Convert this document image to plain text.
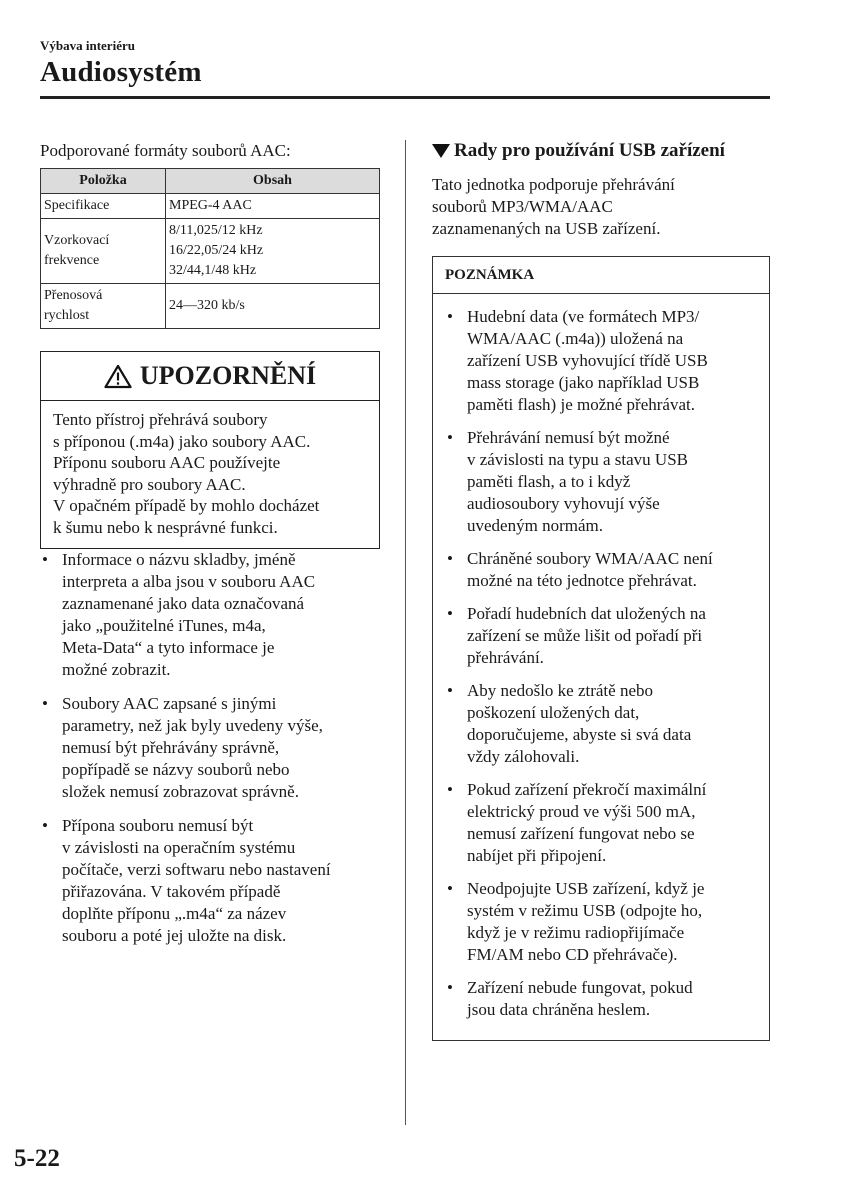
Výbava interiéru
Audiosystém

Podporované formáty souborů AAC:

Položka	Obsah
Specifikace	MPEG-4 AAC
Vzorkovací
frekvence	8/11,025/12 kHz
16/22,05/24 kHz
32/44,1/48 kHz
Přenosová
rychlost	24—320 kb/s
UPOZORNĚNÍ
Tento přístroj přehrává soubory
s příponou (.m4a) jako soubory AAC.
Příponu souboru AAC používejte
výhradně pro soubory AAC.
V opačném případě by mohlo docházet
k šumu nebo k nesprávné funkci.
• Informace o názvu skladby, jméně
interpreta a alba jsou v souboru AAC
zaznamenané jako data označovaná
jako „použitelné iTunes, m4a,
Meta-Data“ a tyto informace je
možné zobrazit.
• Soubory AAC zapsané s jinými
parametry, než jak byly uvedeny výše,
nemusí být přehrávány správně,
popřípadě se názvy souborů nebo
složek nemusí zobrazovat správně.
• Přípona souboru nemusí být
v závislosti na operačním systému
počítače, verzi softwaru nebo nastavení
přiřazována. V takovém případě
doplňte příponu „.m4a“ za název
souboru a poté jej uložte na disk.
Rady pro používání USB zařízení

Tato jednotka podporuje přehrávání
souborů MP3/WMA/AAC
zaznamenaných na USB zařízení.

POZNÁMKA
• Hudební data (ve formátech MP3/
WMA/AAC (.m4a)) uložená na
zařízení USB vyhovující třídě USB
mass storage (jako například USB
paměti flash) je možné přehrávat.
• Přehrávání nemusí být možné
v závislosti na typu a stavu USB
paměti flash, a to i když
audiosoubory vyhovují výše
uvedeným normám.
• Chráněné soubory WMA/AAC není
možné na této jednotce přehrávat.
• Pořadí hudebních dat uložených na
zařízení se může lišit od pořadí při
přehrávání.
• Aby nedošlo ke ztrátě nebo
poškození uložených dat,
doporučujeme, abyste si svá data
vždy zálohovali.
• Pokud zařízení překročí maximální
elektrický proud ve výši 500 mA,
nemusí zařízení fungovat nebo se
nabíjet při připojení.
• Neodpojujte USB zařízení, když je
systém v režimu USB (odpojte ho,
když je v režimu radiopřijímače
FM/AM nebo CD přehrávače).
• Zařízení nebude fungovat, pokud
jsou data chráněna heslem.
5-22
